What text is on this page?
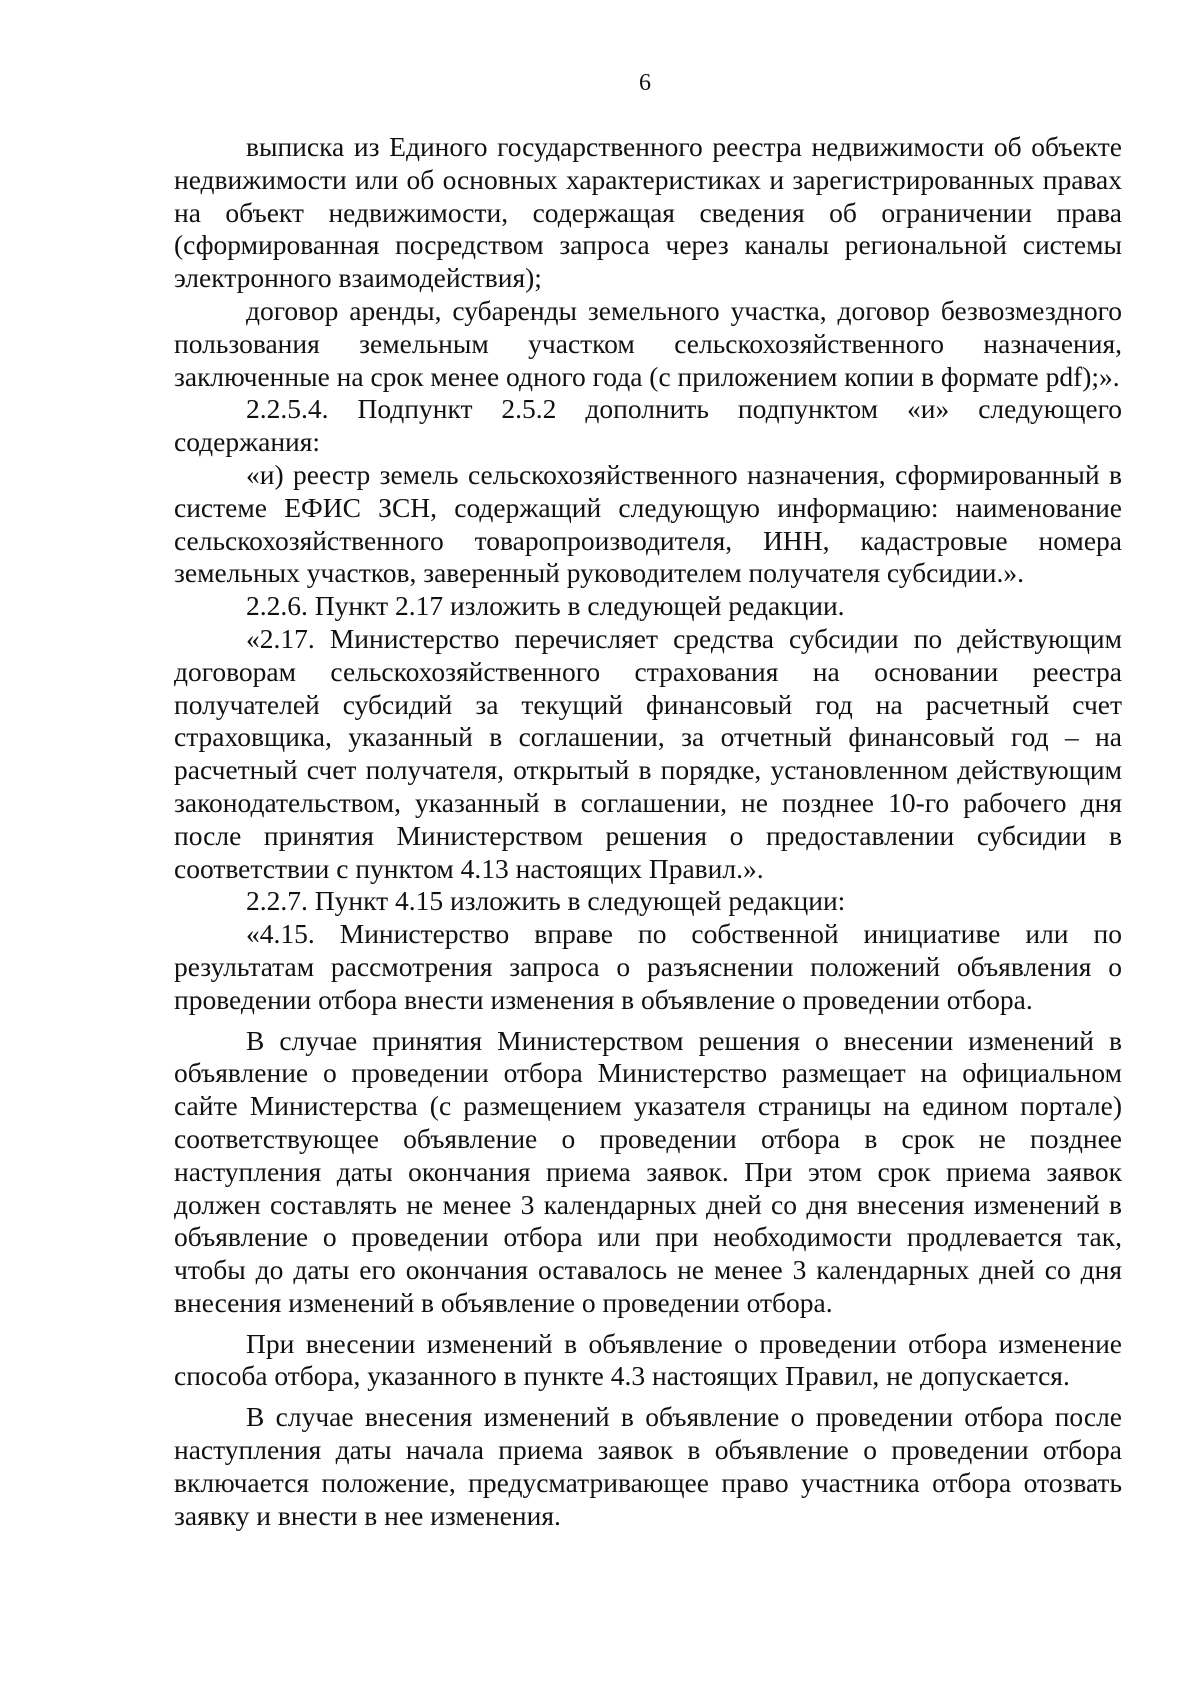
6

выписка из Единого государственного реестра недвижимости об объекте недвижимости или об основных характеристиках и зарегистрированных правах на объект недвижимости, содержащая сведения об ограничении права (сформированная посредством запроса через каналы региональной системы электронного взаимодействия);

договор аренды, субаренды земельного участка, договор безвозмездного пользования земельным участком сельскохозяйственного назначения, заключенные на срок менее одного года (с приложением копии в формате pdf);».

2.2.5.4. Подпункт 2.5.2 дополнить подпунктом «и» следующего содержания:

«и) реестр земель сельскохозяйственного назначения, сформированный в системе ЕФИС ЗСН, содержащий следующую информацию: наименование сельскохозяйственного товаропроизводителя, ИНН, кадастровые номера земельных участков, заверенный руководителем получателя субсидии.».

2.2.6. Пункт 2.17 изложить в следующей редакции.

«2.17. Министерство перечисляет средства субсидии по действующим договорам сельскохозяйственного страхования на основании реестра получателей субсидий за текущий финансовый год на расчетный счет страховщика, указанный в соглашении, за отчетный финансовый год – на расчетный счет получателя, открытый в порядке, установленном действующим законодательством, указанный в соглашении, не позднее 10-го рабочего дня после принятия Министерством решения о предоставлении субсидии в соответствии с пунктом 4.13 настоящих Правил.».

2.2.7. Пункт 4.15 изложить в следующей редакции:

«4.15. Министерство вправе по собственной инициативе или по результатам рассмотрения запроса о разъяснении положений объявления о проведении отбора внести изменения в объявление о проведении отбора.

В случае принятия Министерством решения о внесении изменений в объявление о проведении отбора Министерство размещает на официальном сайте Министерства (с размещением указателя страницы на едином портале) соответствующее объявление о проведении отбора в срок не позднее наступления даты окончания приема заявок. При этом срок приема заявок должен составлять не менее 3 календарных дней со дня внесения изменений в объявление о проведении отбора или при необходимости продлевается так, чтобы до даты его окончания оставалось не менее 3 календарных дней со дня внесения изменений в объявление о проведении отбора.

При внесении изменений в объявление о проведении отбора изменение способа отбора, указанного в пункте 4.3 настоящих Правил, не допускается.

В случае внесения изменений в объявление о проведении отбора после наступления даты начала приема заявок в объявление о проведении отбора включается положение, предусматривающее право участника отбора отозвать заявку и внести в нее изменения.
